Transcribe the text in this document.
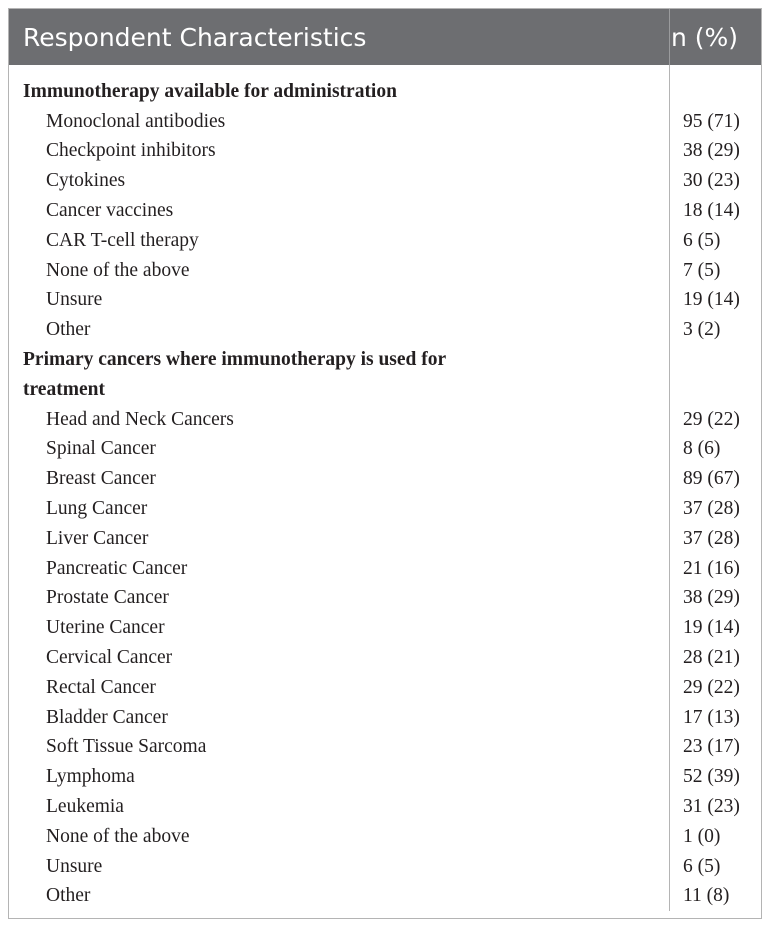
Respondent Characteristics	n (%)
Immunotherapy available for administration
Monoclonal antibodies	95 (71)
Checkpoint inhibitors	38 (29)
Cytokines	30 (23)
Cancer vaccines	18 (14)
CAR T-cell therapy	6 (5)
None of the above	7 (5)
Unsure	19 (14)
Other	3 (2)
Primary cancers where immunotherapy is used for treatment
Head and Neck Cancers	29 (22)
Spinal Cancer	8 (6)
Breast Cancer	89 (67)
Lung Cancer	37 (28)
Liver Cancer	37 (28)
Pancreatic Cancer	21 (16)
Prostate Cancer	38 (29)
Uterine Cancer	19 (14)
Cervical Cancer	28 (21)
Rectal Cancer	29 (22)
Bladder Cancer	17 (13)
Soft Tissue Sarcoma	23 (17)
Lymphoma	52 (39)
Leukemia	31 (23)
None of the above	1 (0)
Unsure	6 (5)
Other	11 (8)
